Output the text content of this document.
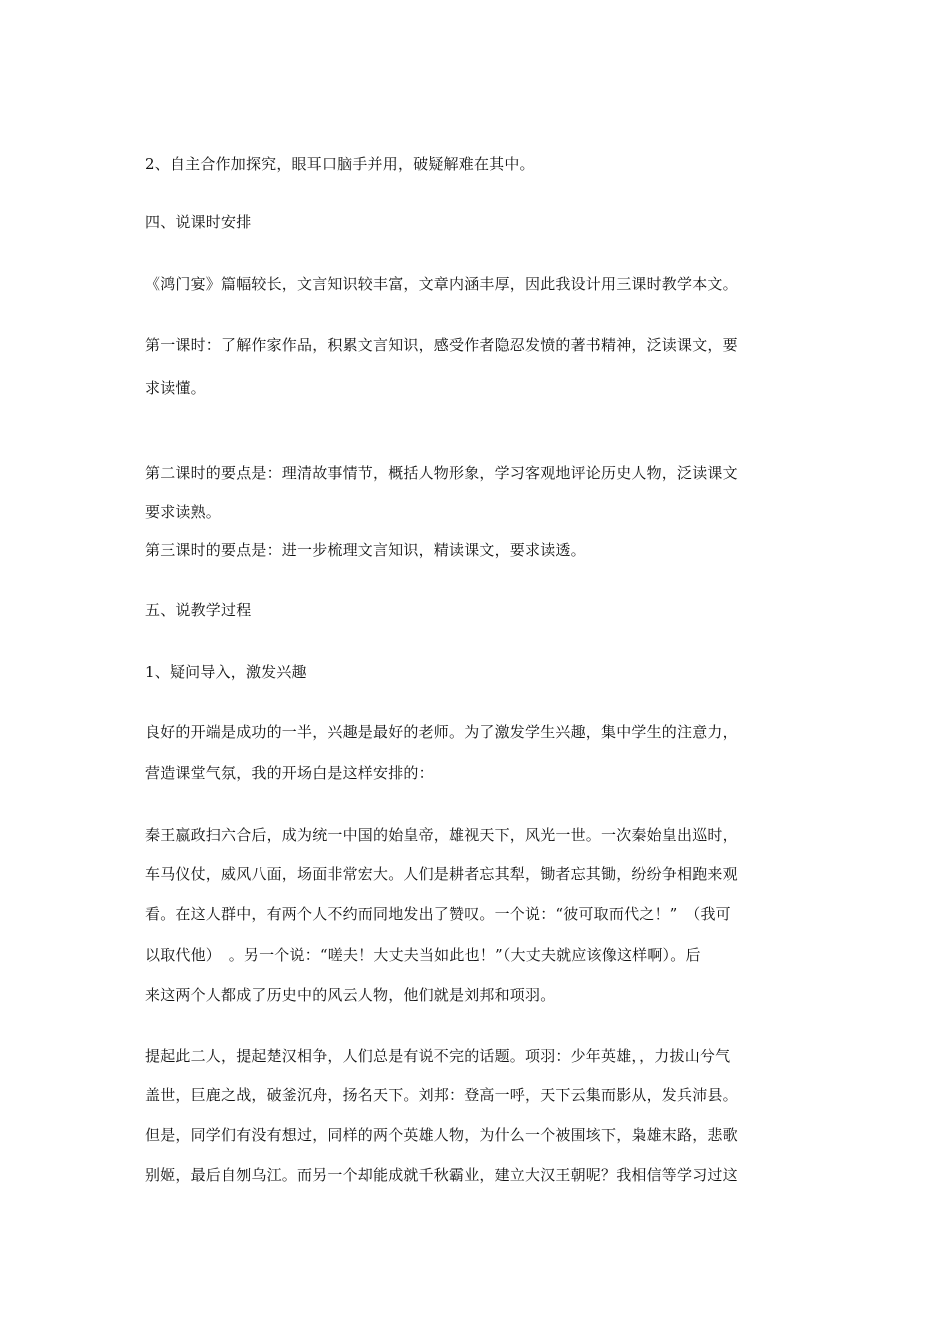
2、自主合作加探究，眼耳口脑手并用，破疑解难在其中。
四、说课时安排
《鸿门宴》篇幅较长，文言知识较丰富，文章内涵丰厚，因此我设计用三课时教学本文。
第一课时：了解作家作品，积累文言知识，感受作者隐忍发愤的著书精神，泛读课文，要
求读懂。
第二课时的要点是：理清故事情节，概括人物形象，学习客观地评论历史人物，泛读课文
要求读熟。
第三课时的要点是：进一步梳理文言知识，精读课文，要求读透。
五、说教学过程
1、疑问导入，激发兴趣
良好的开端是成功的一半，兴趣是最好的老师。为了激发学生兴趣，集中学生的注意力，
营造课堂气氛，我的开场白是这样安排的：
秦王嬴政扫六合后，成为统一中国的始皇帝，雄视天下，风光一世。一次秦始皇出巡时，
车马仪仗，威风八面，场面非常宏大。人们是耕者忘其犁，锄者忘其锄，纷纷争相跑来观
看。在这人群中，有两个人不约而同地发出了赞叹。一个说：“彼可取而代之！”　（我可
以取代他）　。另一个说：“嗟夫！大丈夫当如此也！”（大丈夫就应该像这样啊）。后
来这两个人都成了历史中的风云人物，他们就是刘邦和项羽。
提起此二人，提起楚汉相争，人们总是有说不完的话题。项羽：少年英雄，，力拔山兮气
盖世，巨鹿之战，破釜沉舟，扬名天下。刘邦：登高一呼，天下云集而影从，发兵沛县。
但是，同学们有没有想过，同样的两个英雄人物，为什么一个被围垓下，枭雄末路，悲歌
别姬，最后自刎乌江。而另一个却能成就千秋霸业，建立大汉王朝呢？我相信等学习过这
